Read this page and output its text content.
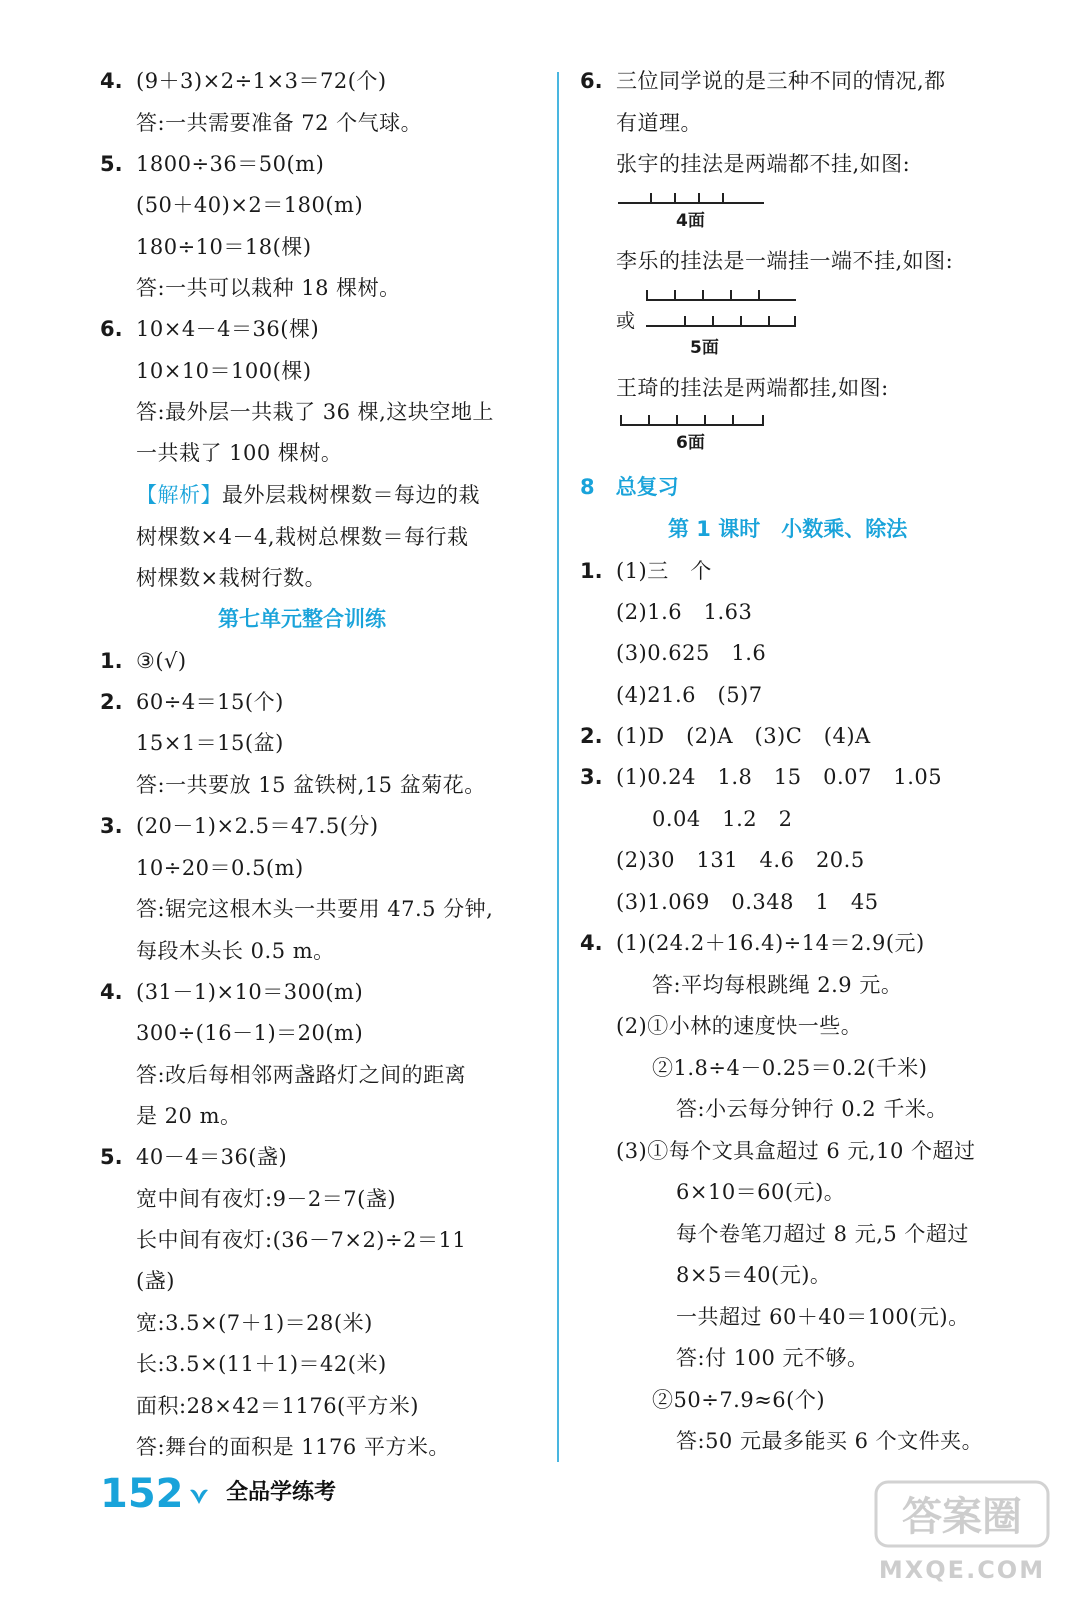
4. (9＋3)×2÷1×3＝72(个)
答:一共需要准备 72 个气球。
5. 1800÷36＝50(m)
(50＋40)×2＝180(m)
180÷10＝18(棵)
答:一共可以栽种 18 棵树。
6. 10×4－4＝36(棵)
10×10＝100(棵)
答:最外层一共栽了 36 棵,这块空地上
一共栽了 100 棵树。
【解析】最外层栽树棵数＝每边的栽
树棵数×4－4,栽树总棵数＝每行栽
树棵数×栽树行数。
第七单元整合训练
1. ③(√)
2. 60÷4＝15(个)
15×1＝15(盆)
答:一共要放 15 盆铁树,15 盆菊花。
3. (20－1)×2.5＝47.5(分)
10÷20＝0.5(m)
答:锯完这根木头一共要用 47.5 分钟,
每段木头长 0.5 m。
4. (31－1)×10＝300(m)
300÷(16－1)＝20(m)
答:改后每相邻两盏路灯之间的距离
是 20 m。
5. 40－4＝36(盏)
宽中间有夜灯:9－2＝7(盏)
长中间有夜灯:(36－7×2)÷2＝11
(盏)
宽:3.5×(7＋1)＝28(米)
长:3.5×(11＋1)＝42(米)
面积:28×42＝1176(平方米)
答:舞台的面积是 1176 平方米。
6. 三位同学说的是三种不同的情况,都
有道理。
张宇的挂法是两端都不挂,如图:
4面
李乐的挂法是一端挂一端不挂,如图:
或
5面
王琦的挂法是两端都挂,如图:
6面
8　总复习
第 1 课时　小数乘、除法
1. (1)三　个
(2)1.6　1.63
(3)0.625　1.6
(4)21.6　(5)7
2. (1)D　(2)A　(3)C　(4)A
3. (1)0.24　1.8　15　0.07　1.05
0.04　1.2　2
(2)30　131　4.6　20.5
(3)1.069　0.348　1　45
4. (1)(24.2＋16.4)÷14＝2.9(元)
答:平均每根跳绳 2.9 元。
(2)①小林的速度快一些。
②1.8÷4－0.25＝0.2(千米)
答:小云每分钟行 0.2 千米。
(3)①每个文具盒超过 6 元,10 个超过
6×10＝60(元)。
每个卷笔刀超过 8 元,5 个超过
8×5＝40(元)。
一共超过 60＋40＝100(元)。
答:付 100 元不够。
②50÷7.9≈6(个)
答:50 元最多能买 6 个文件夹。
152 全品学练考
答案圈
MXQE.COM
